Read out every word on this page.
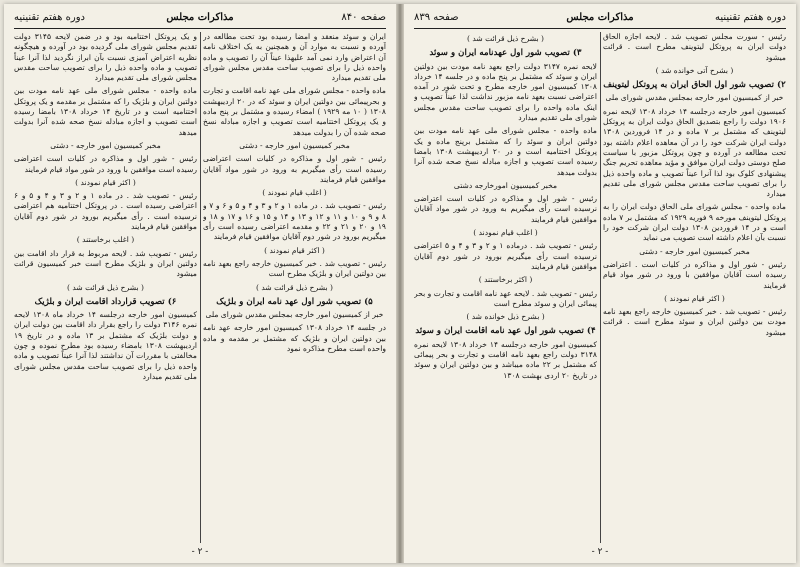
صفحه ۸۴۰
مذاکرات مجلس
دوره هفتم تقنینیه

ایران و سوئد منعقد و امضا رسیده بود تحت مطالعه در آورده و نسبت به موارد آن و همچنین به یک اختلاف نامه آن اعتراض وارد نمی آمد علیهذا عیناً آن را تصویب و ماده واحده ذیل را برای تصویب ساحت مقدس مجلس شورای ملی تقدیم میدارد

ماده واحده - مجلس شورای ملی عهد نامه اقامت و تجارت و بحرپیمائی بین دولتین ایران و سوئد که در ۲۰ اردیبهشت ۱۳۰۸ ( ۱۰ مه ۱۹۲۹ ) امضاء رسیده و مشتمل بر پنج ماده و یک پروتکل اختتامیه است تصویب و اجازه مبادله نسخ صحه شده آن را بدولت میدهد

مخبر کمیسیون امور خارجه - دشتی

رئیس - شور اول و مذاکره در کلیات است اعتراضی رسیده است رأی میگیریم به ورود در شور مواد آقایان موافقین قیام فرمایند

( اغلب قیام نمودند )

رئیس - تصویب شد . در ماده ۱ و ۲ و ۳ و ۴ و ۵ و ۶ و ۷ و ۸ و ۹ و ۱۰ و ۱۱ و ۱۲ و ۱۳ و ۱۴ و ۱۵ و ۱۶ و ۱۷ و ۱۸ و ۱۹ و ۲۰ و ۲۱ و ۲۲ و مقدمه اعتراضی رسیده است رأی میگیریم بورود در شور دوم آقایان موافقین قیام فرمایند

( اکثر قیام نمودند )

رئیس - تصویب شد . خبر کمیسیون خارجه راجع بعهد نامه بین دولتین ایران و بلژیک مطرح است

( بشرح ذیل قرائت شد )

۵) تصویب شور اول عهد نامه ایران و بلژیک

خبر از کمیسیون امور خارجه بمجلس مقدس شورای ملی

در جلسه ۱۴ خرداد ۱۳۰۸ کمیسیون امور خارجه عهد نامه بین دولتین ایران و بلژیک که مشتمل بر مقدمه و ماده واحده است مطرح مذاکره نمود

و یک پروتکل اختتامیه بود و در ضمن لایحه ۳۱۴۵ دولت تقدیم مجلس شورای ملی گردیده بود در آورده و هیچگونه نظریه اعتراض آمیزی نسبت بآن ابراز نگردید لذا آنرا عیناً تصویب و ماده واحده ذیل را برای تصویب ساحت مقدس مجلس شورای ملی تقدیم میدارد

ماده واحده - مجلس شورای ملی عهد نامه مودت بین دولتین ایران و بلژیک را که مشتمل بر مقدمه و یک پروتکل اختتامیه است و در تاریخ ۱۴ خرداد ۱۳۰۸ بامضا رسیده است تصویب و اجازه مبادله نسخ صحه شده آنرا بدولت میدهد

مخبر کمیسیون امور خارجه - دشتی

رئیس - شور اول و مذاکره در کلیات است اعتراضی رسیده است موافقین با ورود در شور مواد قیام فرمایند

( اکثر قیام نمودند )

رئیس - تصویب شد . در ماده ۱ و ۲ و ۳ و ۴ و ۵ و ۶ اعتراضی رسیده است . در پروتکل اختتامیه هم اعتراضی نرسیده است . رأی میگیریم بورود در شور دوم آقایان موافقین قیام فرمایند

( اغلب برخاستند )

رئیس - تصویب شد . لایحه مربوط به قرار داد اقامت بین دولتین ایران و بلژیک مطرح است خبر کمیسیون قرائت میشود

( بشرح ذیل قرائت شد )

۶) تصویب قرارداد اقامت ایران و بلژیک

کمیسیون امور خارجه درجلسه ۱۴ خرداد ماه ۱۳۰۸ لایحه نمره ۳۱۴۶ دولت را راجع بقرار داد اقامت بین دولت ایران و دولت بلژیک که مشتمل بر ۱۳ ماده و در تاریخ ۱۹ اردیبهشت ۱۳۰۸ بامضاء رسیده بود مطرح نموده و چون مخالفتی با مقررات آن نداشتند لذا آنرا عیناً تصویب و ماده واحده ذیل را برای تصویب ساحت مقدس مجلس شورای ملی تقدیم میدارد

- ۲ -
دوره هفتم تقنینیه
مذاکرات مجلس
صفحه ۸۳۹

رئیس - سورت مجلس تصویب شد . لایحه اجازه الحاق دولت ایران به پروتکل لیتوینف مطرح است . قرائت میشود

( بشرح آتی خوانده شد )

۲) تصویب شور اول الحاق ایران به پروتکل لیتوینف

خبر از کمیسیون امور خارجه بمجلس مقدس شورای ملی

کمیسیون امور خارجه درجلسه ۱۴ خرداد ۱۳۰۸ لایحه نمره ۱۹۰۶ دولت را راجع بتصدیق الحاق دولت ایران به پروتکل لیتوینف که مشتمل بر ۷ ماده و در ۱۴ فروردین ۱۳۰۸ دولت ایران شرکت خود را در آن معاهده اعلام داشته بود تحت مطالعه در آورده و چون پروتکل مزبور با سیاست صلح دوستی دولت ایران موافق و مؤید معاهده تحریم جنگ پیشنهادی کلوک بود لذا آنرا عیناً تصویب و ماده واحده ذیل را برای تصویب ساحت مقدس مجلس شورای ملی تقدیم میدارد

ماده واحده - مجلس شورای ملی الحاق دولت ایران را به پروتکل لیتوینف مورخه ۹ فوریه ۱۹۲۹ که مشتمل بر ۷ ماده است و در ۱۴ فروردین ۱۳۰۸ دولت ایران شرکت خود را نسبت بآن اعلام داشته است تصویب می نماید

مخبر کمیسیون امور خارجه - دشتی

رئیس - شور اول و مذاکره در کلیات است . اعتراضی رسیده است آقایان موافقین با ورود در شور مواد قیام فرمایند

( اکثر قیام نمودند )

رئیس - تصویب شد . خبر کمیسیون خارجه راجع بعهد نامه مودت بین دولتین ایران و سوئد مطرح است . قرائت میشود

( بشرح ذیل قرائت شد )

۳) تصویب شور اول عهدنامه ایران و سوئد

لایحه نمره ۳۱۴۷ دولت راجع بعهد نامه مودت بین دولتین ایران و سوئد که مشتمل بر پنج ماده و در جلسه ۱۴ خرداد ۱۳۰۸ کمیسیون امور خارجه مطرح و تحت شور در آمده اعتراضی نسبت بعهد نامه مزبور نداشت لذا عیناً تصویب و اینک ماده واحده را برای تصویب ساحت مقدس مجلس شورای ملی تقدیم میدارد

ماده واحده - مجلس شورای ملی عهد نامه مودت بین دولتین ایران و سوئد را که مشتمل برپنج ماده و یک پروتکل اختتامیه است و در ۲۰ اردیبهشت ۱۳۰۸ بامضا رسیده است تصویب و اجازه مبادله نسخ صحه شده آنرا بدولت میدهد

مخبر کمیسیون امورخارجه دشتی

رئیس - شور اول و مذاکره در کلیات است اعتراضی نرسیده است رأی میگیریم به ورود در شور مواد آقایان موافقین قیام فرمایند

( اغلب قیام نمودند )

رئیس - تصویب شد . درماده ۱ و ۲ و ۳ و ۴ و ۵ اعتراضی نرسیده است رأی میگیریم بورود در شور دوم آقایان موافقین قیام فرمایند

( اکثر برخاستند )

رئیس - تصویب شد . لایحه عهد نامه اقامت و تجارت و بحر پیمائی ایران و سوئد مطرح است

( بشرح ذیل خوانده شد )

۴) تصویب شور اول عهد نامه اقامت ایران و سوئد

کمیسیون امور خارجه درجلسه ۱۴ خرداد ۱۳۰۸ لایحه نمره ۳۱۴۸ دولت راجع بعهد نامه اقامت و تجارت و بحر پیمائی که مشتمل بر ۲۲ ماده میباشد و بین دولتین ایران و سوئد در تاریخ ۲۰ اردی بهشت ۱۳۰۸

- ۲ -
